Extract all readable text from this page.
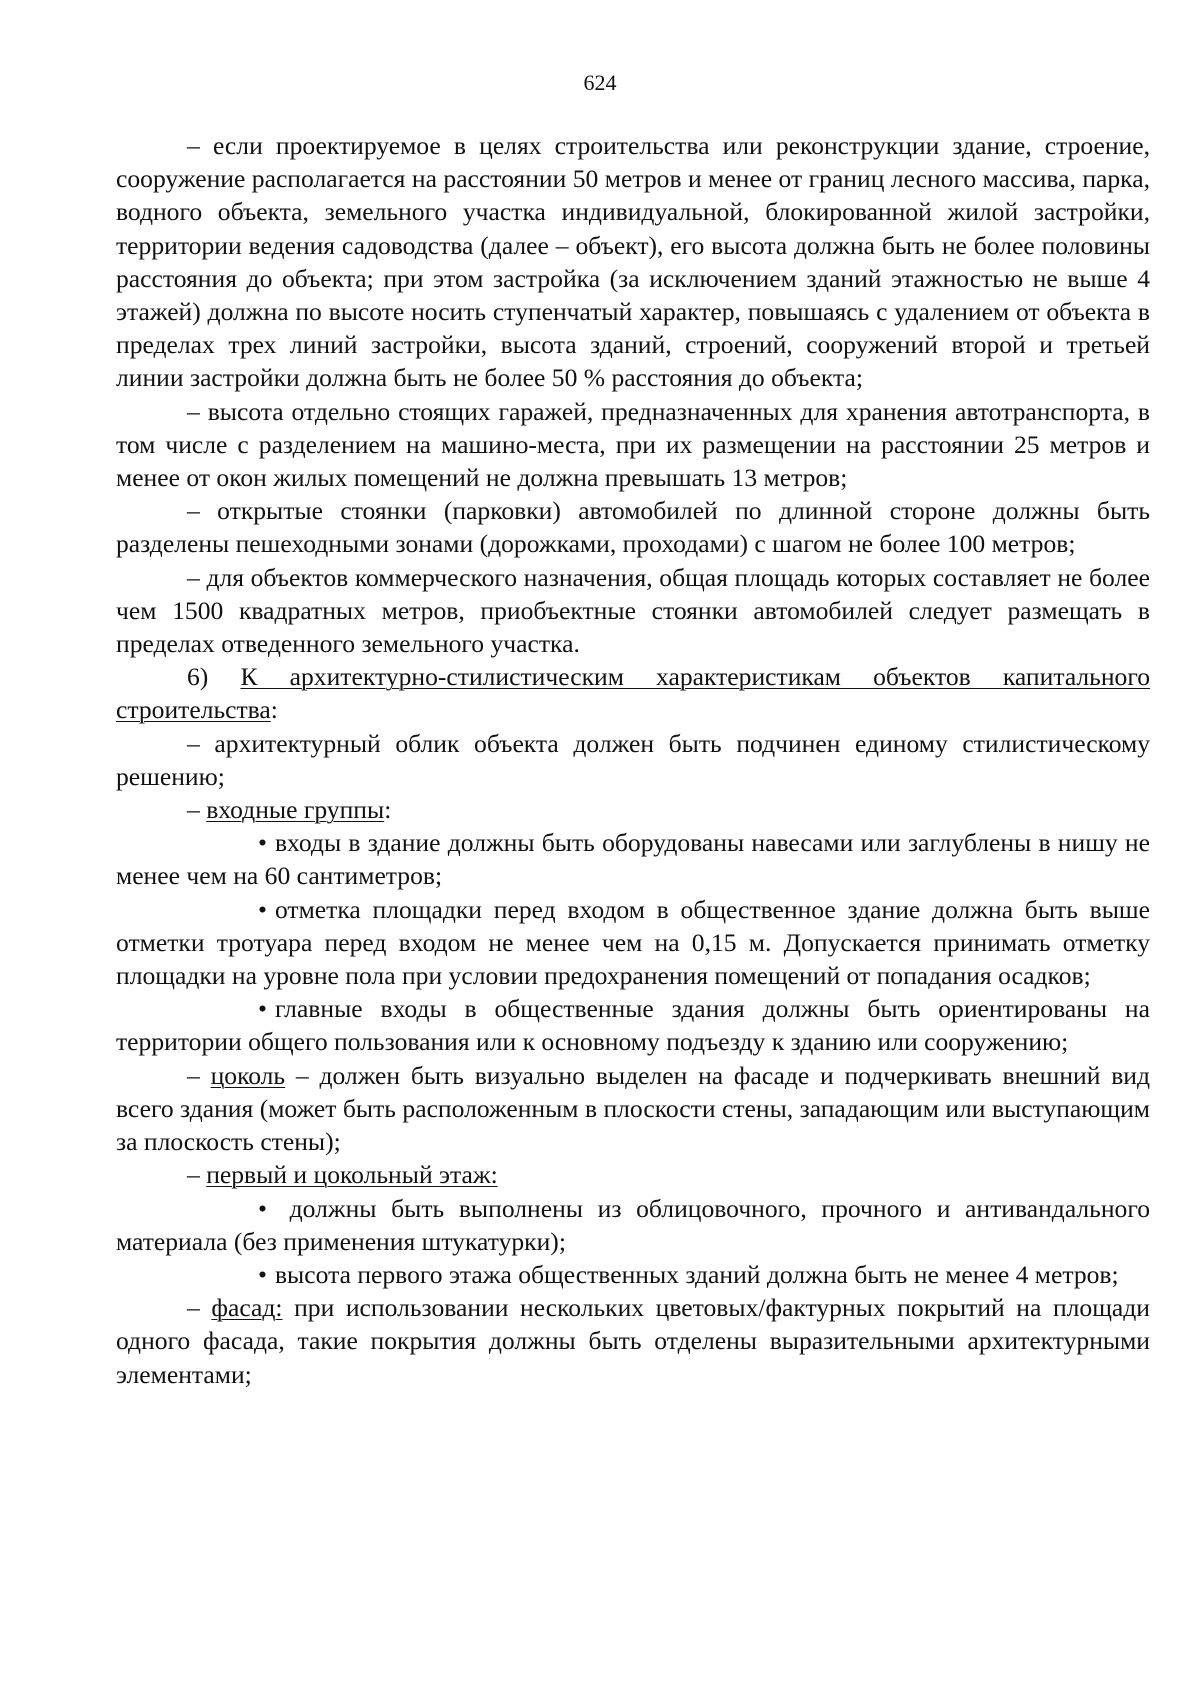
624

– если проектируемое в целях строительства или реконструкции здание, строение, сооружение располагается на расстоянии 50 метров и менее от границ лесного массива, парка, водного объекта, земельного участка индивидуальной, блокированной жилой застройки, территории ведения садоводства (далее – объект), его высота должна быть не более половины расстояния до объекта; при этом застройка (за исключением зданий этажностью не выше 4 этажей) должна по высоте носить ступенчатый характер, повышаясь с удалением от объекта в пределах трех линий застройки, высота зданий, строений, сооружений второй и третьей линии застройки должна быть не более 50 % расстояния до объекта;

– высота отдельно стоящих гаражей, предназначенных для хранения автотранспорта, в том числе с разделением на машино-места, при их размещении на расстоянии 25 метров и менее от окон жилых помещений не должна превышать 13 метров;

– открытые стоянки (парковки) автомобилей по длинной стороне должны быть разделены пешеходными зонами (дорожками, проходами) с шагом не более 100 метров;

– для объектов коммерческого назначения, общая площадь которых составляет не более чем 1500 квадратных метров, приобъектные стоянки автомобилей следует размещать в пределах отведенного земельного участка.

6) К архитектурно-стилистическим характеристикам объектов капитального строительства:

– архитектурный облик объекта должен быть подчинен единому стилистическому решению;

– входные группы:

• входы в здание должны быть оборудованы навесами или заглублены в нишу не менее чем на 60 сантиметров;

• отметка площадки перед входом в общественное здание должна быть выше отметки тротуара перед входом не менее чем на 0,15 м. Допускается принимать отметку площадки на уровне пола при условии предохранения помещений от попадания осадков;

• главные входы в общественные здания должны быть ориентированы на территории общего пользования или к основному подъезду к зданию или сооружению;

– цоколь – должен быть визуально выделен на фасаде и подчеркивать внешний вид всего здания (может быть расположенным в плоскости стены, западающим или выступающим за плоскость стены);

– первый и цокольный этаж:

• должны быть выполнены из облицовочного, прочного и антивандального материала (без применения штукатурки);

• высота первого этажа общественных зданий должна быть не менее 4 метров;

– фасад: при использовании нескольких цветовых/фактурных покрытий на площади одного фасада, такие покрытия должны быть отделены выразительными архитектурными элементами;
